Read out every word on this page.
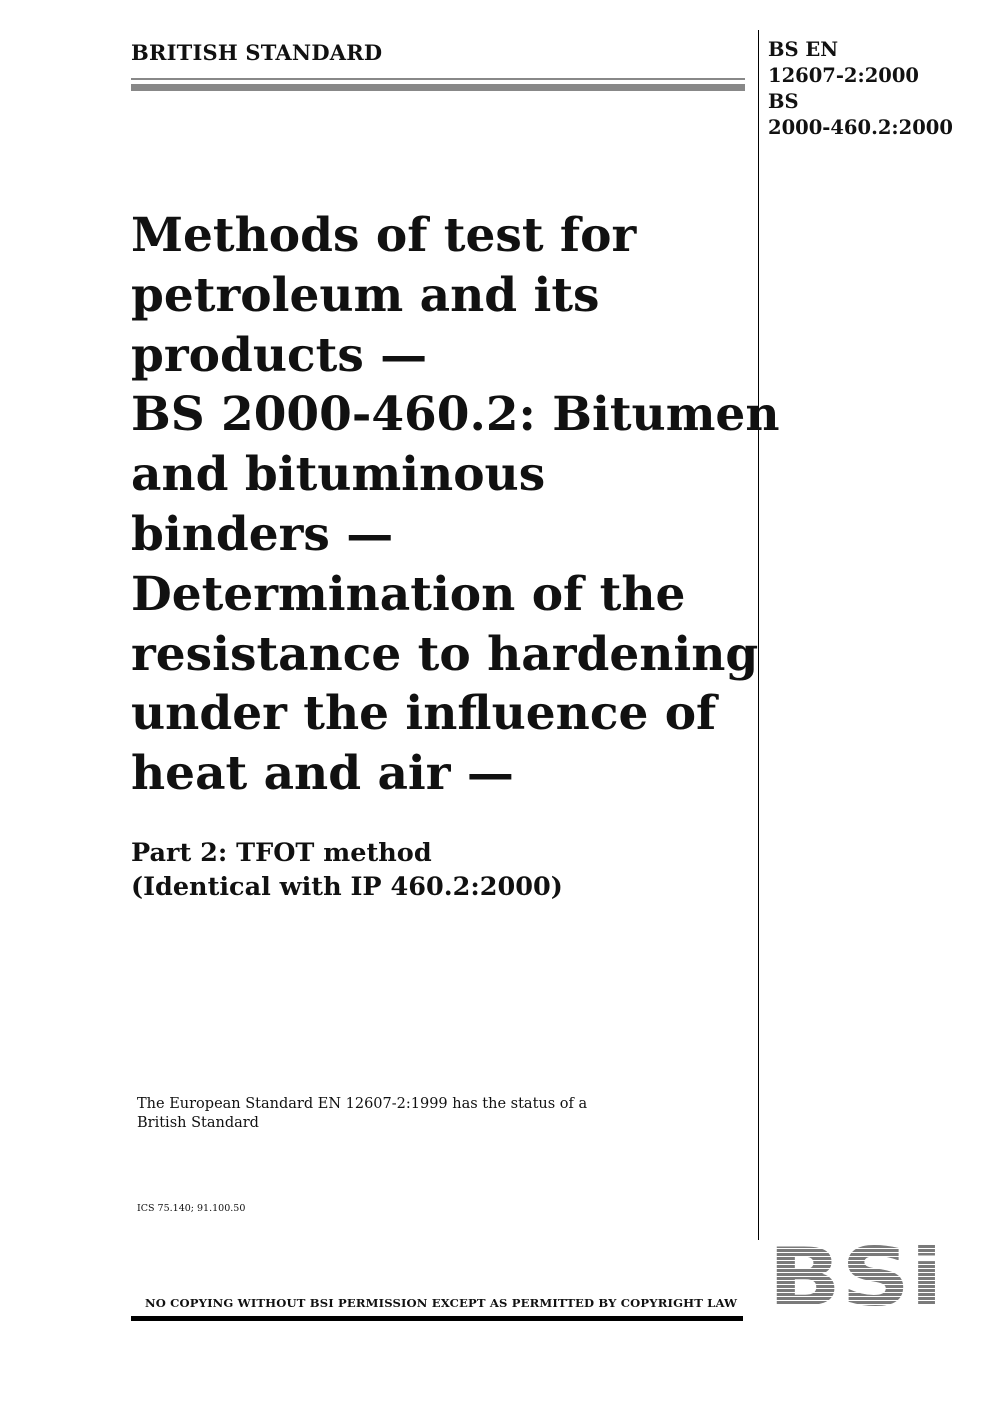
BRITISH STANDARD	BS EN
12607-2:2000
BS
2000-460.2:2000
Methods of test for
petroleum and its
products —
BS 2000-460.2: Bitumen
and bituminous
binders —
Determination of the
resistance to hardening
under the influence of
heat and air —
Part 2: TFOT method
(Identical with IP 460.2:2000)
The European Standard EN 12607-2:1999 has the status of a
British Standard
ICS 75.140; 91.100.50
NO COPYING WITHOUT BSI PERMISSION EXCEPT AS PERMITTED BY COPYRIGHT LAW
